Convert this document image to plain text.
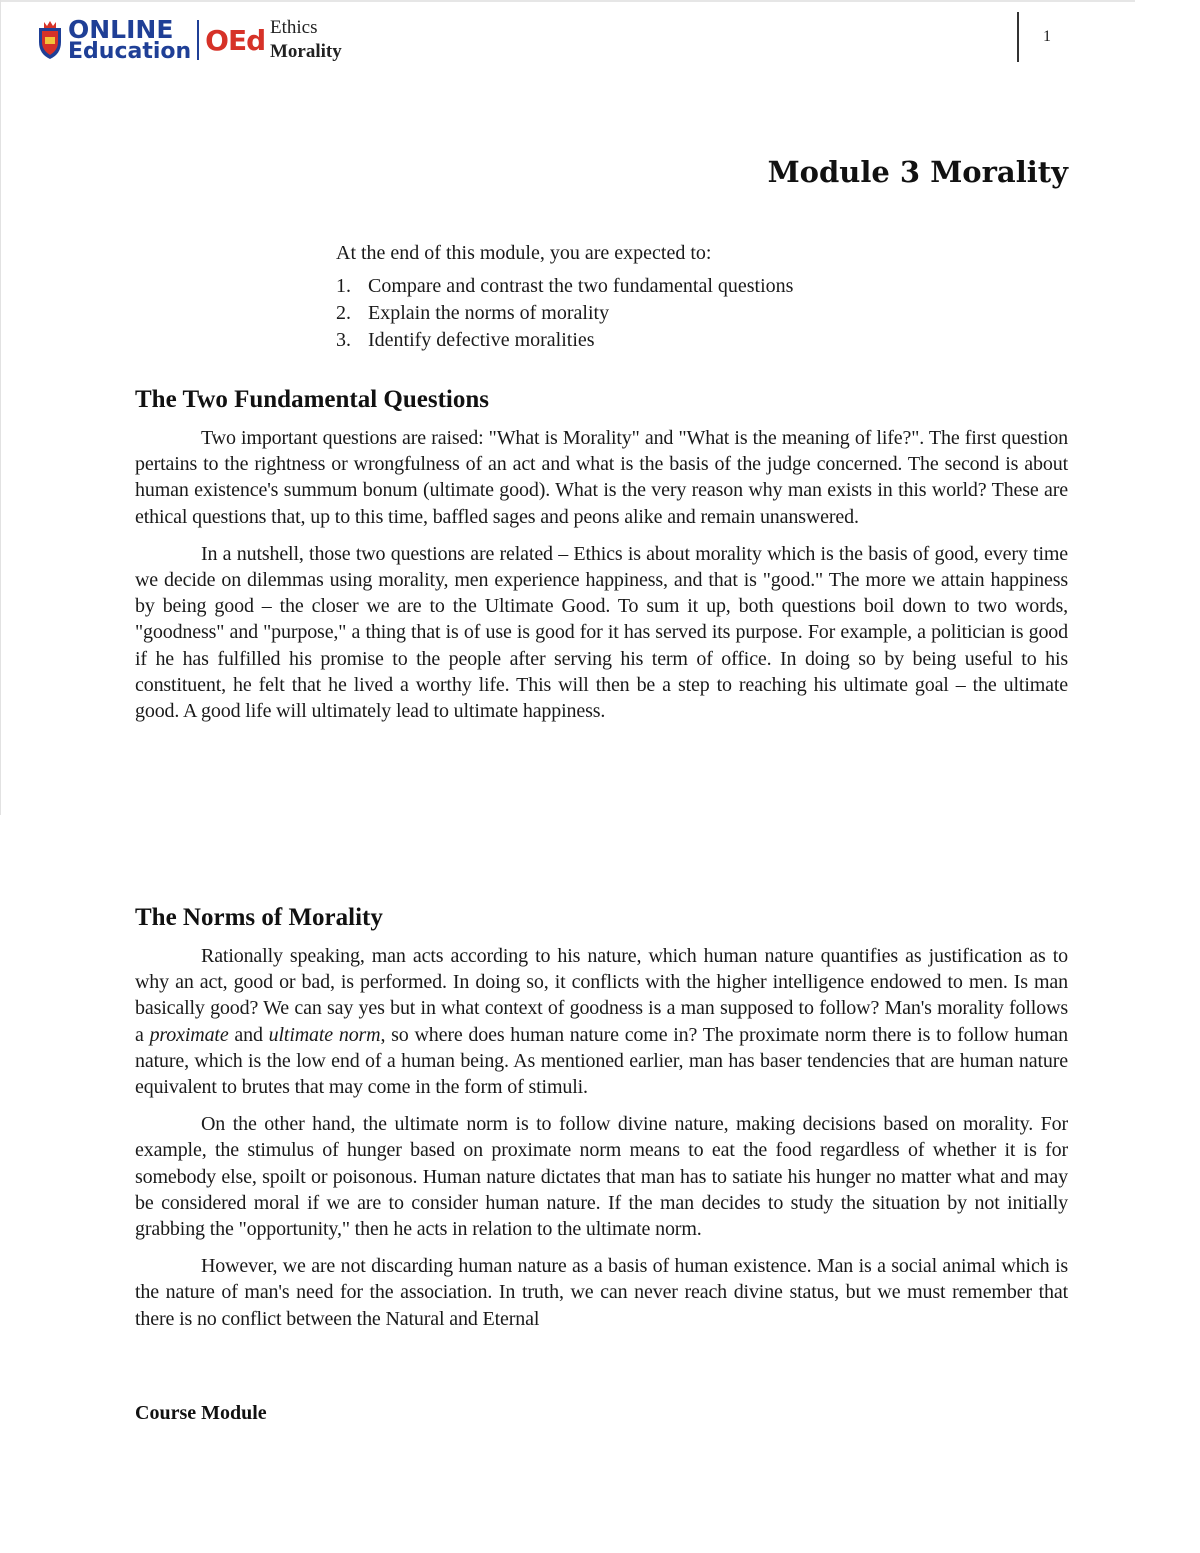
ONLINE
Education OEd Ethics
Morality
1
Module 3 Morality

At the end of this module, you are expected to:

1. Compare and contrast the two fundamental questions
2. Explain the norms of morality
3. Identify defective moralities
The Two Fundamental Questions

Two important questions are raised: "What is Morality" and "What is the meaning of life?". The first question pertains to the rightness or wrongfulness of an act and what is the basis of the judge concerned. The second is about human existence's summum bonum (ultimate good). What is the very reason why man exists in this world? These are ethical questions that, up to this time, baffled sages and peons alike and remain unanswered.

In a nutshell, those two questions are related – Ethics is about morality which is the basis of good, every time we decide on dilemmas using morality, men experience happiness, and that is "good." The more we attain happiness by being good – the closer we are to the Ultimate Good. To sum it up, both questions boil down to two words, "goodness" and "purpose," a thing that is of use is good for it has served its purpose. For example, a politician is good if he has fulfilled his promise to the people after serving his term of office. In doing so by being useful to his constituent, he felt that he lived a worthy life. This will then be a step to reaching his ultimate goal – the ultimate good. A good life will ultimately lead to ultimate happiness.

The Norms of Morality

Rationally speaking, man acts according to his nature, which human nature quantifies as justification as to why an act, good or bad, is performed. In doing so, it conflicts with the higher intelligence endowed to men. Is man basically good? We can say yes but in what context of goodness is a man supposed to follow? Man's morality follows a proximate and ultimate norm, so where does human nature come in? The proximate norm there is to follow human nature, which is the low end of a human being. As mentioned earlier, man has baser tendencies that are human nature equivalent to brutes that may come in the form of stimuli.

On the other hand, the ultimate norm is to follow divine nature, making decisions based on morality. For example, the stimulus of hunger based on proximate norm means to eat the food regardless of whether it is for somebody else, spoilt or poisonous. Human nature dictates that man has to satiate his hunger no matter what and may be considered moral if we are to consider human nature. If the man decides to study the situation by not initially grabbing the "opportunity," then he acts in relation to the ultimate norm.

However, we are not discarding human nature as a basis of human existence. Man is a social animal which is the nature of man's need for the association. In truth, we can never reach divine status, but we must remember that there is no conflict between the Natural and Eternal

Course Module
